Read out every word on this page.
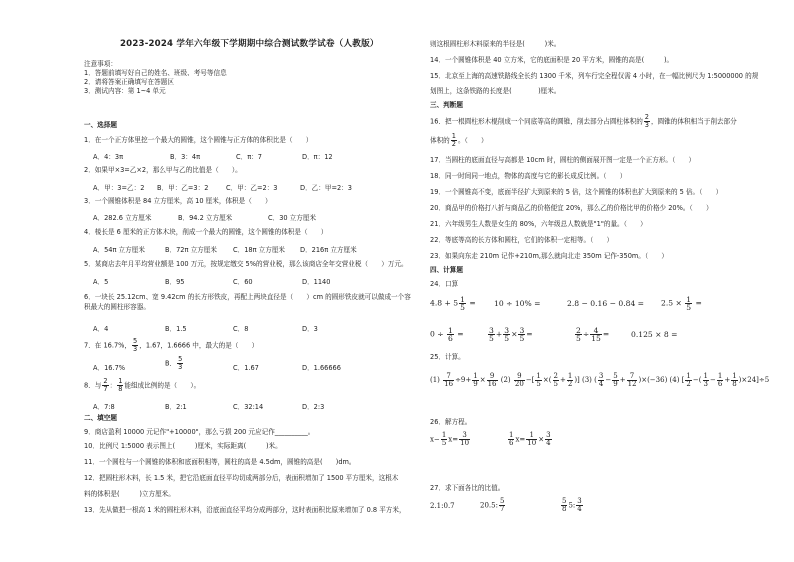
2023-2024 学年六年级下学期期中综合测试数学试卷（人教版）
注意事项：
1．答题前填写好自己的姓名、班级、考号等信息
2．请将答案正确填写在答题区
3．测试内容：第 1~4 单元
一、选择题
1．在一个正方体里挖一个最大的圆锥，这个圆锥与正方体的体积比是（　　）
A．4：3π	B．3：4π	C．π：7	D．π：12
2．如果甲×3=乙×2，那么甲与乙的比值是（　　）。
A．甲：3=乙：2 B．甲：乙=3：2	C．甲：乙=2：3	D．乙：甲=2：3
3．一个圆锥体积是 84 立方厘米，高 10 厘米，体积是（　　）
A．282.6 立方厘米	B．94.2 立方厘米	C．30 立方厘米
4．棱长是 6 厘米的正方体木块，削成一个最大的圆锥，这个圆锥的体积是（　　）
A．54π 立方厘米	B．72π 立方厘米 C．18π 立方厘米 D．216π 立方厘米
5．某商店去年月平均营业额是 100 万元，按规定缴交 5%的营业税，那么该商店全年交营业税（　　）万元。
A．5	B．95	C．60	D．1140
6．一块长 25.12cm、宽 9.42cm 的长方形铁皮，再配上两块直径是（　　）cm 的圆形铁皮就可以做成一个容积最大的圆柱形容器。
A．4	B．1.5	C．8	D．3
7．在 16.7%， $\frac{5}{3}$ ，1.67，1.6666 中，最大的是（　　）
A．16.7%
B． $\frac{5}{3}$	C．1.67	D．1.66666
8．与 $\frac{2}{7}$ ： $\frac{1}{8}$ 能组成比例的是（　　）。
A．7:8	B．2:1	C．32:14	D．2:3
二、填空题
9．商店盈利 10000 元记作"+10000"，那么亏损 200 元应记作__________。
10．比例尺 1:5000 表示图上(　　　)厘米，实际距离(　　　)米。
11．一个圆柱与一个圆锥的体积和底面积相等，圆柱的高是 4.5dm，圆锥的高是(　　)dm。
12．把圆柱形木料，长 1.5 米，把它沿底面直径平均切成两部分后，表面积增加了 1500 平方厘米，这根木
料的体积是(　　　)立方厘米。
13．先从做把一根高 1 米的圆柱形木料，沿底面直径平均分成两部分，这时表面积比原来增加了 0.8 平方米，
则这根圆柱形木料原来的半径是(　　　)米。
14．一个圆锥体积是 40 立方米，它的底面积是 20 平方米，圆锥的高是(　　　)。
15．北京至上海的高速铁路线全长约 1300 千米，列车行完全程仅需 4 小时，在一幅比例尺为 1:5000000 的规
划图上，这条铁路的长度是(　　　　)厘米。
三、判断题
16．把一根圆柱形木棍削成一个同底等高的圆锥，削去部分占圆柱体积的 $\frac{2}{3}$ ，圆锥的体积相当于削去部分
体积的 $\frac{1}{2}$ 。（　　）
17．当圆柱的底面直径与高都是 10cm 时，圆柱的侧面展开图一定是一个正方形。（　　）
18．同一时间同一地点，物体的高度与它的影长成反比例。（　　）
19．一个圆锥高不变，底面半径扩大到原来的 5 倍，这个圆锥的体积也扩大到原来的 5 倍。（　　）
20．商品甲的价格打八折与商品乙的价格便宜 20%，那么乙的价格比甲的价格少 20%。（　　）
21．六年级男生人数是女生的 80%，六年级总人数就是"1"的量。（　　）
22．等底等高的长方体和圆柱，它们的体积一定相等。（　　）
23．如果向东走 210m 记作+210m,那么就向北走 350m 记作-350m。（　　）
四、计算题
24．口算
$4.8 + 5 \frac{1}{5} = 10 \div 10\%$ =	$2.8 - 0.16 - 0.84 = 2.5 \times \frac{1}{5}$ =
$0 \div \frac{1}{6}$ =	$\frac{3}{5} + \frac{3}{5} \times \frac{3}{5}$ =	$\frac{2}{5} \div \frac{4}{15}$ =	0.125 × 8 =
25．计算。
$(1) \frac{7}{16} \div 9+ \frac{1}{9} \times \frac{9}{16} (2) \frac{9}{20}$ −[ $\frac{1}{5}$ ×( $\frac{2}{5} + \frac{1}{2}$ )] (3) ( $\frac{3}{4} - \frac{5}{9} + \frac{7}{12} )\times(-36)$ (4) [ $\frac{1}{2}$ −( $\frac{1}{3} - \frac{1}{6} + \frac{1}{8} )\times 24]\div 5$
26．解方程。
$x- \frac{1}{5} x= \frac{3}{10}$	$\frac{1}{6} x= \frac{1}{10} \times \frac{3}{4}$
27．求下面各比的比值。
2.1:0.7	20.5: $\frac{5}{7}$	$\frac{5}{8} 5$: $\frac{3}{4}$
